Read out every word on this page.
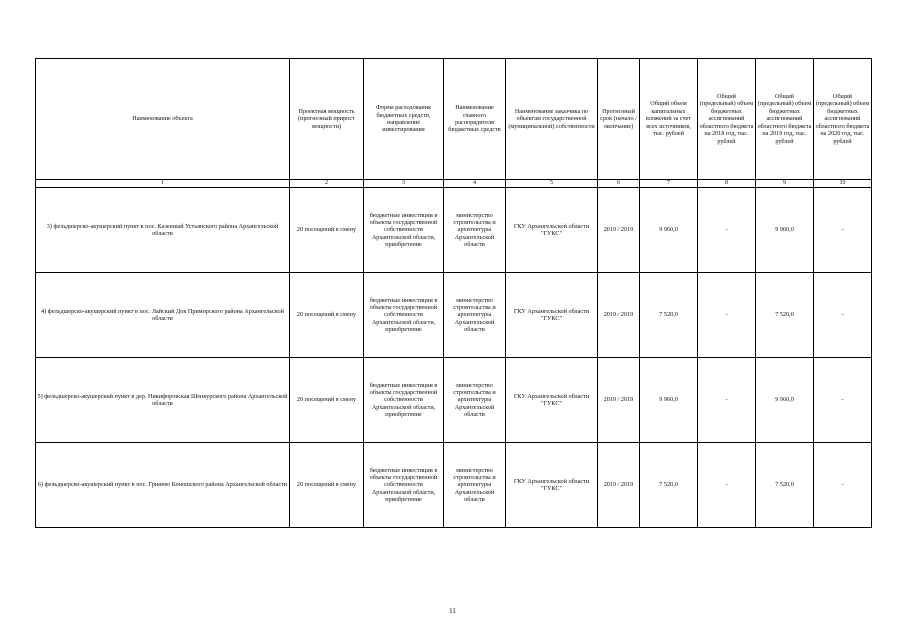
Наименование объекта	Проектная мощность (прогнозный прирост мощности)	Форма расходования бюджетных средств, направление инвестирования	Наименование главного распорядителя бюджетных средств	Наименование заказчика по объектам государственной (муниципальной) собственности	Прогнозный срок (начало / окончание)	Общий объем капитальных вложений за счет всех источников, тыс. рублей	Общий (предельный) объем бюджетных ассигнований областного бюджета на 2018 год, тыс. рублей	Общий (предельный) объем бюджетных ассигнований областного бюджета на 2019 год, тыс. рублей	Общий (предельный) объем бюджетных ассигнований областного бюджета на 2020 год, тыс. рублей
1	2	3	4	5	6	7	8	9	10
3) фельдшерско-акушерский пункт в пос. Казенный Устьянского района Архангельской области	20 посещений в смену	бюджетные инвестиции в объекты государственной собственности Архангельской области, приобретение	министерство строительства и архитектуры Архангельской области	ГКУ Архангельской области "ГУКС"	2019 / 2019	9 960,0	-	9 960,0	-
4) фельдшерско-акушерский пункт в пос. Лайский Док Приморского района Архангельской области	20 посещений в смену	бюджетные инвестиции в объекты государственной собственности Архангельской области, приобретение	министерство строительства и архитектуры Архангельской области	ГКУ Архангельской области "ГУКС"	2019 / 2019	7 520,0	-	7 520,0	-
5) фельдшерско-акушерский пункт в дер. Никифоровская Шенкурского района Архангельской области	20 посещений в смену	бюджетные инвестиции в объекты государственной собственности Архангельской области, приобретение	министерство строительства и архитектуры Архангельской области	ГКУ Архангельской области "ГУКС"	2019 / 2019	9 960,0	-	9 960,0	-
6) фельдшерско-акушерский пункт в пос. Гринево Коношского района Архангельской области	20 посещений в смену	бюджетные инвестиции в объекты государственной собственности Архангельской области, приобретение	министерство строительства и архитектуры Архангельской области	ГКУ Архангельской области "ГУКС"	2019 / 2019	7 520,0	-	7 520,0	-
11
